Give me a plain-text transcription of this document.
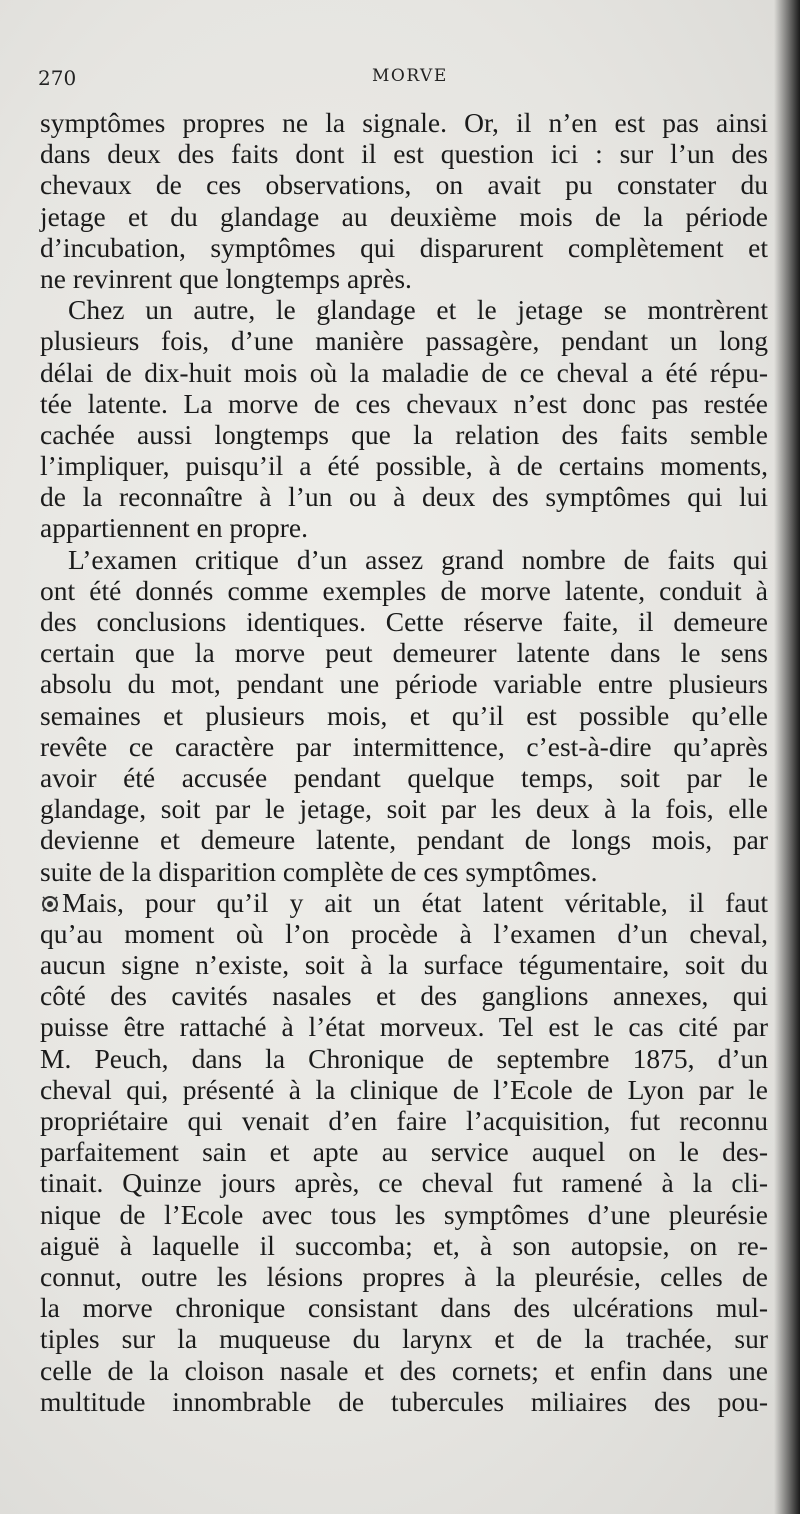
270	MORVE
symptômes propres ne la signale. Or, il n’en est pas ainsi
dans deux des faits dont il est question ici : sur l’un des
chevaux de ces observations, on avait pu constater du
jetage et du glandage au deuxième mois de la période
d’incubation, symptômes qui disparurent complètement et
ne revinrent que longtemps après.
Chez un autre, le glandage et le jetage se montrèrent
plusieurs fois, d’une manière passagère, pendant un long
délai de dix-huit mois où la maladie de ce cheval a été répu-
tée latente. La morve de ces chevaux n’est donc pas restée
cachée aussi longtemps que la relation des faits semble
l’impliquer, puisqu’il a été possible, à de certains moments,
de la reconnaître à l’un ou à deux des symptômes qui lui
appartiennent en propre.
L’examen critique d’un assez grand nombre de faits qui
ont été donnés comme exemples de morve latente, conduit à
des conclusions identiques. Cette réserve faite, il demeure
certain que la morve peut demeurer latente dans le sens
absolu du mot, pendant une période variable entre plusieurs
semaines et plusieurs mois, et qu’il est possible qu’elle
revête ce caractère par intermittence, c’est-à-dire qu’après
avoir été accusée pendant quelque temps, soit par le
glandage, soit par le jetage, soit par les deux à la fois, elle
devienne et demeure latente, pendant de longs mois, par
suite de la disparition complète de ces symptômes.
Mais, pour qu’il y ait un état latent véritable, il faut
qu’au moment où l’on procède à l’examen d’un cheval,
aucun signe n’existe, soit à la surface tégumentaire, soit du
côté des cavités nasales et des ganglions annexes, qui
puisse être rattaché à l’état morveux. Tel est le cas cité par
M. Peuch, dans la Chronique de septembre 1875, d’un
cheval qui, présenté à la clinique de l’Ecole de Lyon par le
propriétaire qui venait d’en faire l’acquisition, fut reconnu
parfaitement sain et apte au service auquel on le des-
tinait. Quinze jours après, ce cheval fut ramené à la cli-
nique de l’Ecole avec tous les symptômes d’une pleurésie
aiguë à laquelle il succomba; et, à son autopsie, on re-
connut, outre les lésions propres à la pleurésie, celles de
la morve chronique consistant dans des ulcérations mul-
tiples sur la muqueuse du larynx et de la trachée, sur
celle de la cloison nasale et des cornets; et enfin dans une
multitude innombrable de tubercules miliaires des pou-
